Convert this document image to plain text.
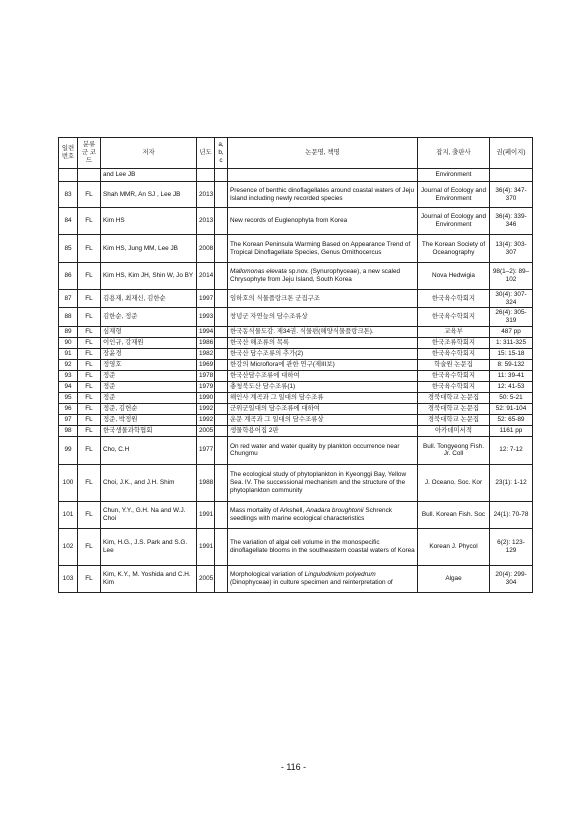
일련 번호	분류군 코드	저자	년도	a, b, c	논문명, 책명	잡지, 출판사	권(페이지)
		and Lee JB				Environment	
83	FL	Shah MMR, An SJ , Lee JB	2013		Presence of benthic dinoflagellates around coastal waters of Jeju Island including newly recorded species	Journal of Ecology and Environment	36(4): 347-370
84	FL	Kim HS	2013		New records of Euglenophyta from Korea	Journal of Ecology and Environment	36(4): 339-346
85	FL	Kim HS, Jung MM, Lee JB	2008		The Korean Peninsula Warming Based on Appearance Trend of Tropical Dinoflagellate Species, Genus Ornithocercus	The Korean Society of Oceanography	13(4): 303-307
86	FL	Kim HS, Kim JH, Shin W, Jo BY	2014		Mallomonas elevata sp.nov. (Synurophyceae), a new scaled Chrysophyte from Jeju Island, South Korea	Nova Hedwigia	98(1–2): 89–102
87	FL	김용재, 최재신, 김한순	1997		임하호의 식물플랑크톤 군집구조	한국육수학회지	30(4): 307-324
88	FL	김한순, 정준	1993		창녕군 자연늪의 담수조류상	한국육수학회지	26(4): 305-319
89	FL	심재형	1994		한국동식물도감. 제34권. 식물편(해양식물플랑크톤).	교육부	487 pp
90	FL	이인규, 강재원	1986		한국산 해조류의 목록	한국조류학회지	1: 311-325
91	FL	장윤경	1982		한국산 담수조류의 추가(2)	한국육수학회지	15: 15-18
92	FL	정영호	1969		한강의 Microflora에 관한 연구(제III보)	학술원 논문집	8: 59-132
93	FL	정준	1978		한국산담수조류에 대하여	한국육수학회지	11: 39-41
94	FL	정준	1979		충청북도산 담수조류(1)	한국육수학회지	12: 41-53
95	FL	정준	1990		해인사 계곡과 그 일대의 담수조류	경북대학교 논문집	50: 5-21
96	FL	정준, 김헌순	1992		군위군일대의 담수조류에 대하여	경북대학교 논문집	52: 91-104
97	FL	정준, 박정원	1992		운문 계곡과 그 일대의 담수조류상	경북대학교 논문집	52: 65-89
98	FL	한국생물과학협회	2005		생물학용어집 2판	아카데미서적	1161 pp
99	FL	Cho, C.H	1977		On red water and water quality by plankton occurrence near Chungmu	Bull. Tongyeong Fish. Jr. Coll	12: 7-12
100	FL	Choi, J.K., and J.H. Shim	1988		The ecological study of phytoplankton in Kyeonggi Bay, Yellow Sea. IV. The successional mechanism and the structure of the phytoplankton community	J. Oceano. Soc. Kor	23(1): 1-12
101	FL	Chun, Y.Y., G.H. Na and W.J. Choi	1991		Mass mortality of Arkshell, Anadara broughtonii Schrenck seedlings with marine ecological characteristics	Bull. Korean Fish. Soc	24(1): 70-78
102	FL	Kim, H.G., J.S. Park and S.G. Lee	1991		The variation of algal cell volume in the monospecific dinoflagellate blooms in the southeastern coastal waters of Korea	Korean J. Phycol	6(2): 123-129
103	FL	Kim, K.Y., M. Yoshida and C.H. Kim	2005		Morphological variation of Lingulodinium polyedrum (Dinophyceae) in culture specimen and reinterpretation of	Algae	20(4): 299-304
- 116 -
